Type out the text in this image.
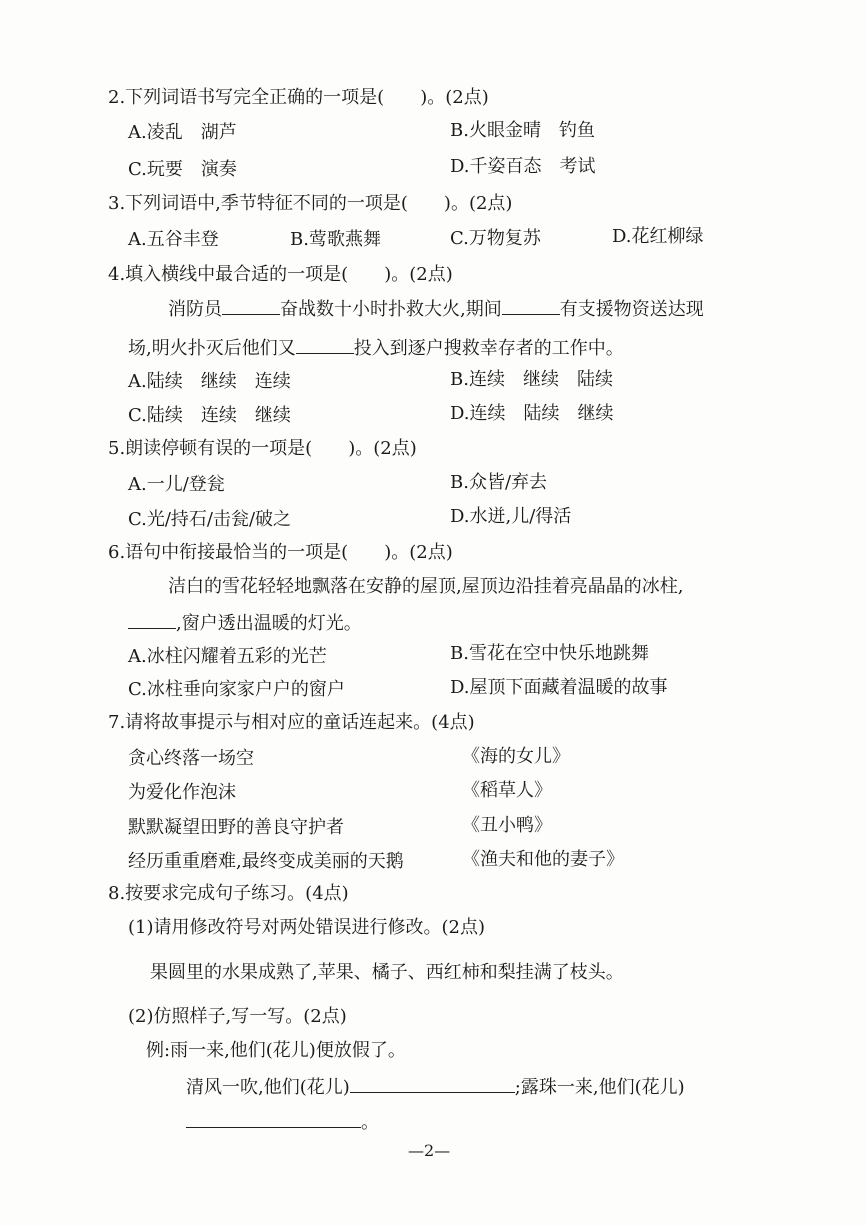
2.下列词语书写完全正确的一项是(　　)。(2点)
A.凌乱　湖芦	B.火眼金晴　钓鱼
C.玩要　演奏	D.千姿百态　考试
3.下列词语中,季节特征不同的一项是(　　)。(2点)
A.五谷丰登	B.莺歌燕舞	C.万物复苏	D.花红柳绿
4.填入横线中最合适的一项是(　　)。(2点)
消防员	奋战数十小时扑救大火,期间	有支援物资送达现
场,明火扑灭后他们又	投入到逐户搜救幸存者的工作中。
A.陆续　继续　连续	B.连续　继续　陆续
C.陆续　连续　继续	D.连续　陆续　继续
5.朗读停顿有误的一项是(　　)。(2点)
A.一儿/登瓮	B.众皆/弃去
C.光/持石/击瓮/破之	D.水迸,儿/得活
6.语句中衔接最恰当的一项是(　　)。(2点)
洁白的雪花轻轻地飘落在安静的屋顶,屋顶边沿挂着亮晶晶的冰柱,
,窗户透出温暖的灯光。
A.冰柱闪耀着五彩的光芒	B.雪花在空中快乐地跳舞
C.冰柱垂向家家户户的窗户	D.屋顶下面藏着温暖的故事
7.请将故事提示与相对应的童话连起来。(4点)
贪心终落一场空	《海的女儿》
为爱化作泡沫	《稻草人》
默默凝望田野的善良守护者	《丑小鸭》
经历重重磨难,最终变成美丽的天鹅	《渔夫和他的妻子》
8.按要求完成句子练习。(4点)
(1)请用修改符号对两处错误进行修改。(2点)
果圆里的水果成熟了,苹果、橘子、西红柿和梨挂满了枝头。
(2)仿照样子,写一写。(2点)
例:雨一来,他们(花儿)便放假了。
清风一吹,他们(花儿)	;露珠一来,他们(花儿)
。
—2—
